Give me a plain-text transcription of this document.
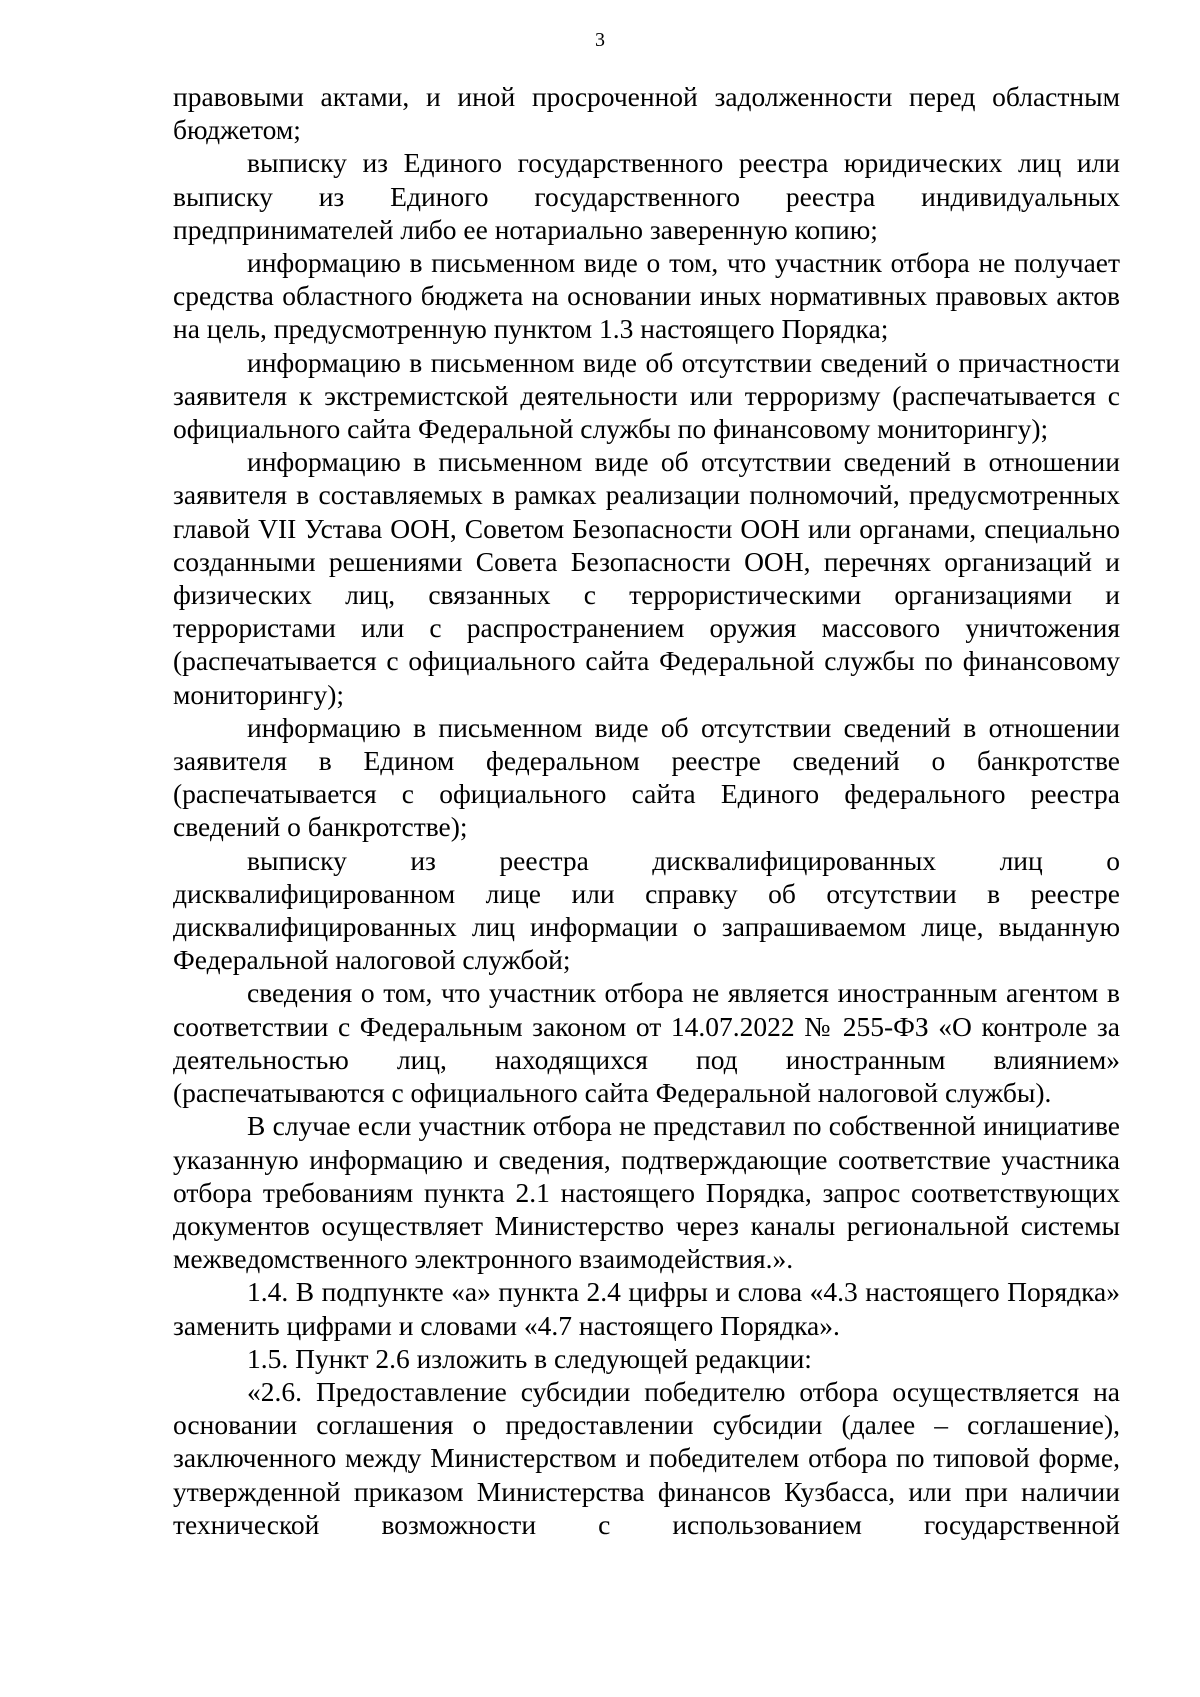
3

правовыми актами, и иной просроченной задолженности перед областным бюджетом;

выписку из Единого государственного реестра юридических лиц или выписку из Единого государственного реестра индивидуальных предпринимателей либо ее нотариально заверенную копию;

информацию в письменном виде о том, что участник отбора не получает средства областного бюджета на основании иных нормативных правовых актов на цель, предусмотренную пунктом 1.3 настоящего Порядка;

информацию в письменном виде об отсутствии сведений о причастности заявителя к экстремистской деятельности или терроризму (распечатывается с официального сайта Федеральной службы по финансовому мониторингу);

информацию в письменном виде об отсутствии сведений в отношении заявителя в составляемых в рамках реализации полномочий, предусмотренных главой VII Устава ООН, Советом Безопасности ООН или органами, специально созданными решениями Совета Безопасности ООН, перечнях организаций и физических лиц, связанных с террористическими организациями и террористами или с распространением оружия массового уничтожения (распечатывается с официального сайта Федеральной службы по финансовому мониторингу);

информацию в письменном виде об отсутствии сведений в отношении заявителя в Едином федеральном реестре сведений о банкротстве (распечатывается с официального сайта Единого федерального реестра сведений о банкротстве);

выписку из реестра дисквалифицированных лиц о дисквалифицированном лице или справку об отсутствии в реестре дисквалифицированных лиц информации о запрашиваемом лице, выданную Федеральной налоговой службой;

сведения о том, что участник отбора не является иностранным агентом в соответствии с Федеральным законом от 14.07.2022 № 255-ФЗ «О контроле за деятельностью лиц, находящихся под иностранным влиянием» (распечатываются с официального сайта Федеральной налоговой службы).

В случае если участник отбора не представил по собственной инициативе указанную информацию и сведения, подтверждающие соответствие участника отбора требованиям пункта 2.1 настоящего Порядка, запрос соответствующих документов осуществляет Министерство через каналы региональной системы межведомственного электронного взаимодействия.».

1.4. В подпункте «а» пункта 2.4 цифры и слова «4.3 настоящего Порядка» заменить цифрами и словами «4.7 настоящего Порядка».

1.5. Пункт 2.6 изложить в следующей редакции:

«2.6. Предоставление субсидии победителю отбора осуществляется на основании соглашения о предоставлении субсидии (далее – соглашение), заключенного между Министерством и победителем отбора по типовой форме, утвержденной приказом Министерства финансов Кузбасса, или при наличии технической возможности с использованием государственной
